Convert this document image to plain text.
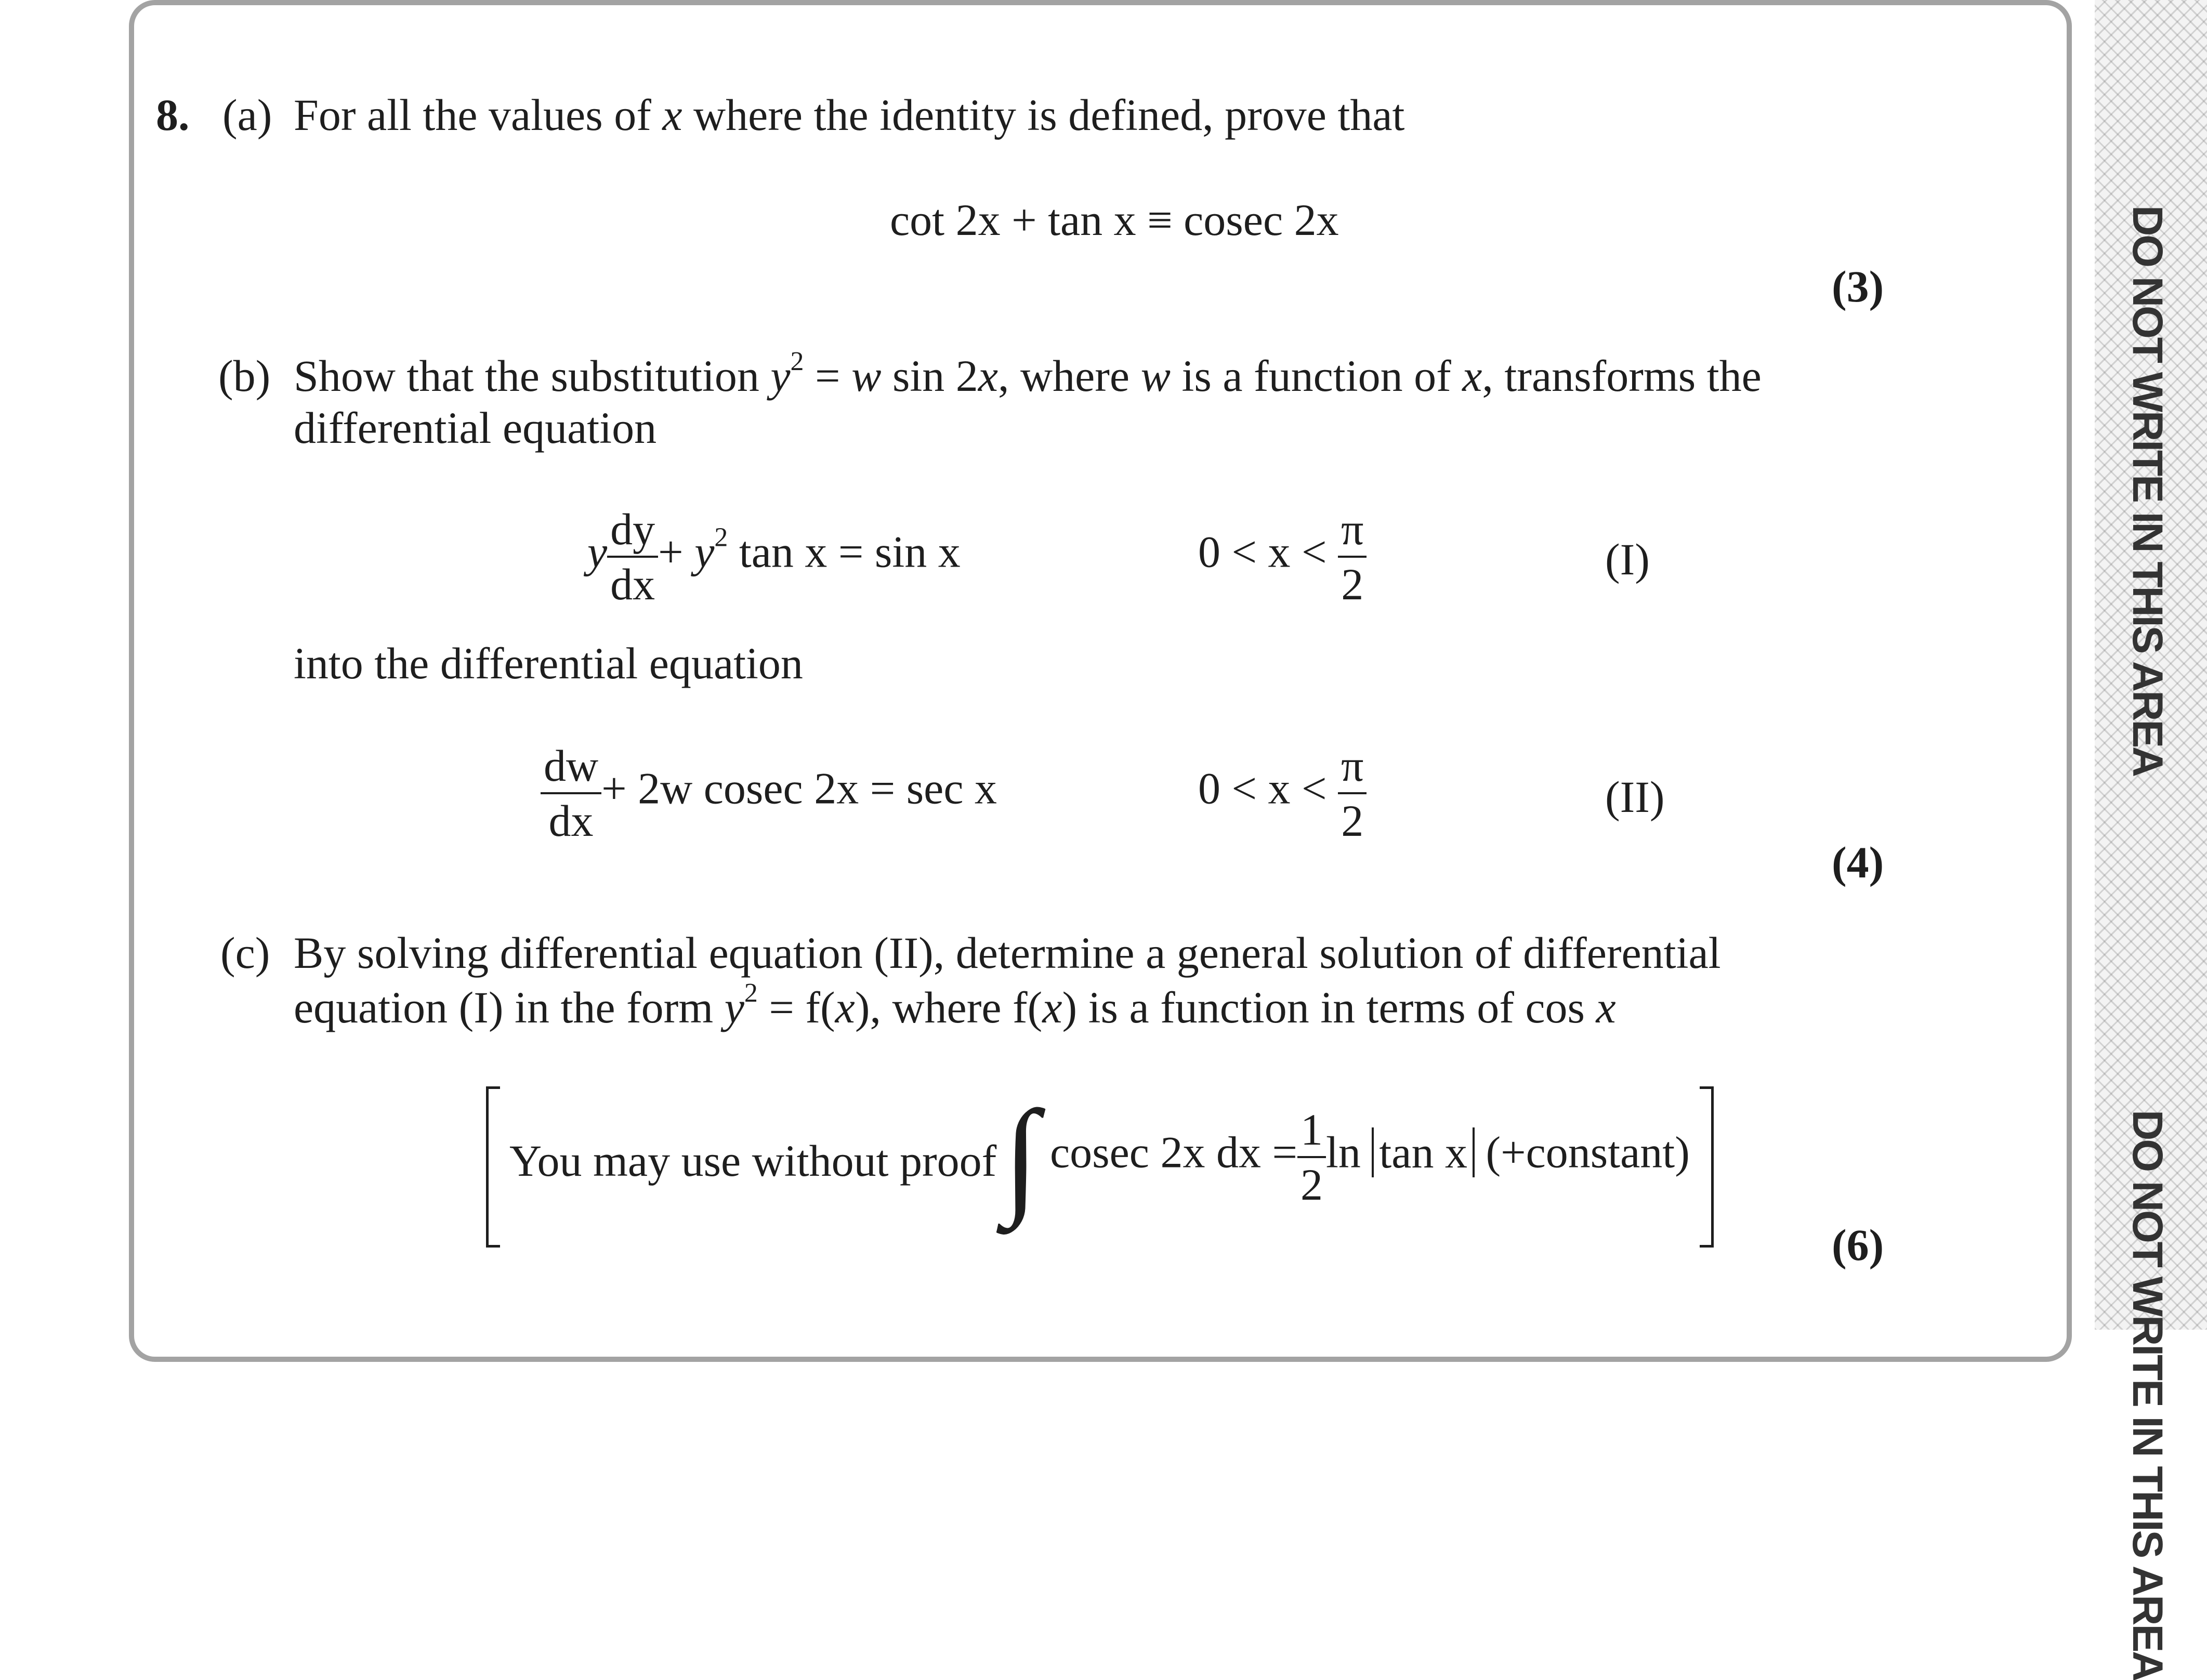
8. (a) For all the values of x where the identity is defined, prove that
cot 2x + tan x ≡ cosec 2x
(3)
(b) Show that the substitution $y^2 = w$ sin 2x, where w is a function of x, transforms the
differential equation
y $\frac{dy}{dx} + y^2$ tan x = sin x	$0 < x < \frac{\pi}{2}$	(I)
into the differential equation
$\frac{dw}{dx} + 2w$ cosec 2x = sec x	$0 < x < \frac{\pi}{2}$	(II)
(4)
(c) By solving differential equation (II), determine a general solution of differential
equation (I) in the form $y^2 = f(x)$, where f(x) is a function in terms of cos x
You may use without proof ∫ cosec 2x dx = $\frac{1}{2}$ ln tan x (+constant)
(6)
DO NOT WRITE IN THIS AREA
DO NOT WRITE IN THIS AREA
